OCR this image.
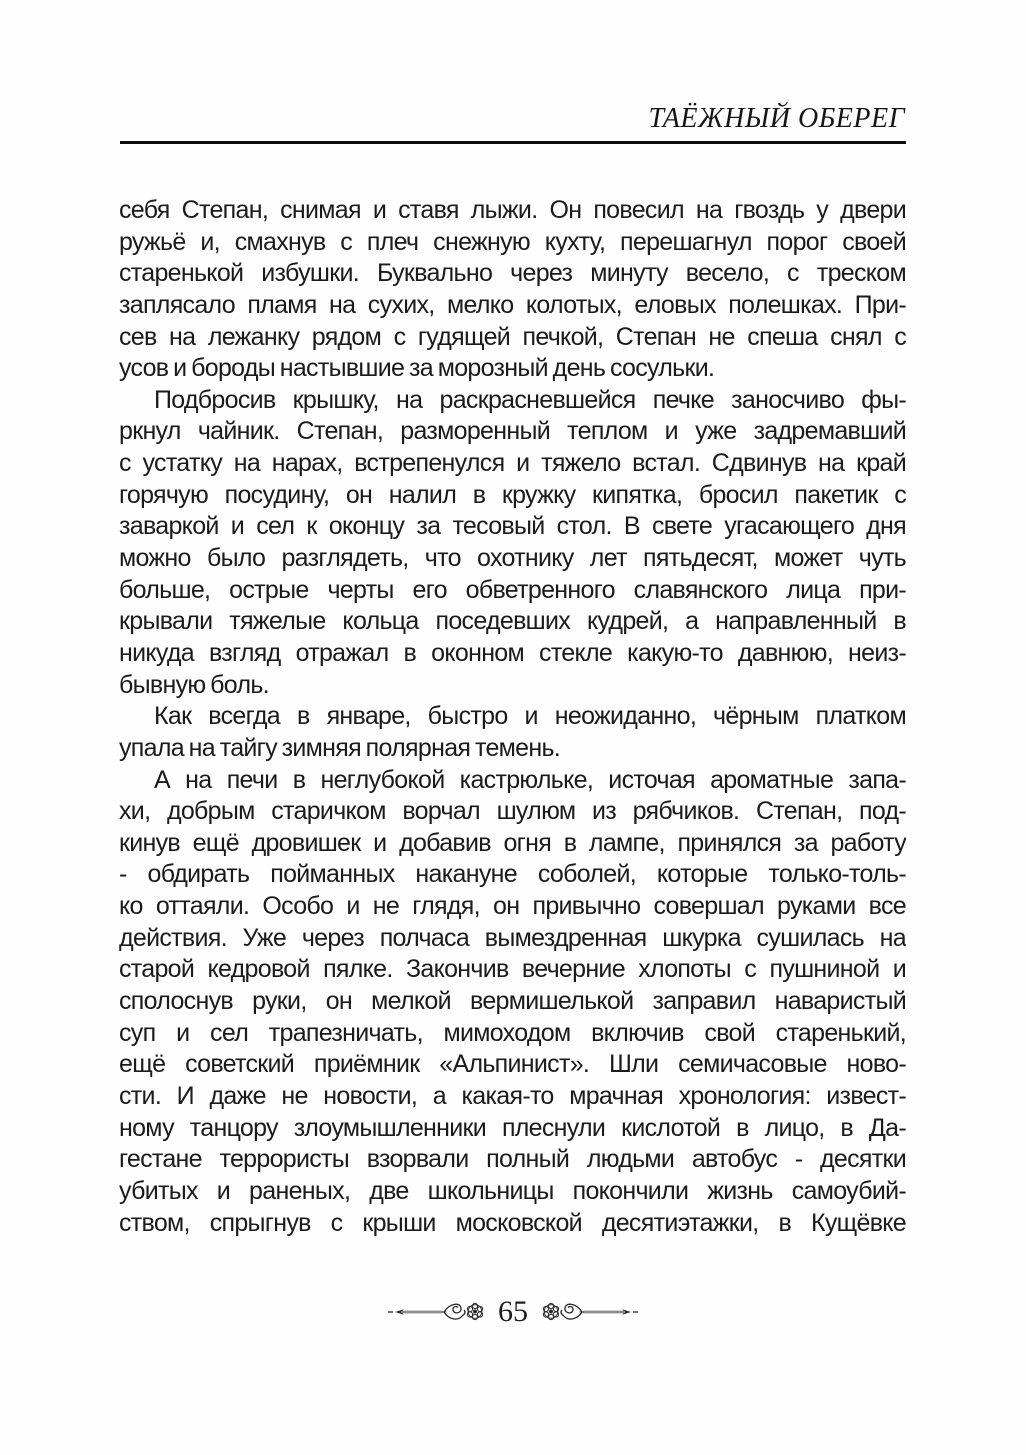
ТАЁЖНЫЙ ОБЕРЕГ
себя Степан, снимая и ставя лыжи. Он повесил на гвоздь у двери
ружьё и, смахнув с плеч снежную кухту, перешагнул порог своей
старенькой избушки. Буквально через минуту весело, с треском
заплясало пламя на сухих, мелко колотых, еловых полешках. При-
сев на лежанку рядом с гудящей печкой, Степан не спеша снял с
усов и бороды настывшие за морозный день сосульки.
Подбросив крышку, на раскрасневшейся печке заносчиво фы-
ркнул чайник. Степан, разморенный теплом и уже задремавший
с устатку на нарах, встрепенулся и тяжело встал. Сдвинув на край
горячую посудину, он налил в кружку кипятка, бросил пакетик с
заваркой и сел к оконцу за тесовый стол. В свете угасающего дня
можно было разглядеть, что охотнику лет пятьдесят, может чуть
больше, острые черты его обветренного славянского лица при-
крывали тяжелые кольца поседевших кудрей, а направленный в
никуда взгляд отражал в оконном стекле какую-то давнюю, неиз-
бывную боль.
Как всегда в январе, быстро и неожиданно, чёрным платком
упала на тайгу зимняя полярная темень.
А на печи в неглубокой кастрюльке, источая ароматные запа-
хи, добрым старичком ворчал шулюм из рябчиков. Степан, под-
кинув ещё дровишек и добавив огня в лампе, принялся за работу
- обдирать пойманных накануне соболей, которые только-толь-
ко оттаяли. Особо и не глядя, он привычно совершал руками все
действия. Уже через полчаса вымездренная шкурка сушилась на
старой кедровой пялке. Закончив вечерние хлопоты с пушниной и
сполоснув руки, он мелкой вермишелькой заправил наваристый
суп и сел трапезничать, мимоходом включив свой старенький,
ещё советский приёмник «Альпинист». Шли семичасовые ново-
сти. И даже не новости, а какая-то мрачная хронология: извест-
ному танцору злоумышленники плеснули кислотой в лицо, в Да-
гестане террористы взорвали полный людьми автобус - десятки
убитых и раненых, две школьницы покончили жизнь самоубий-
ством, спрыгнув с крыши московской десятиэтажки, в Кущёвке
65
